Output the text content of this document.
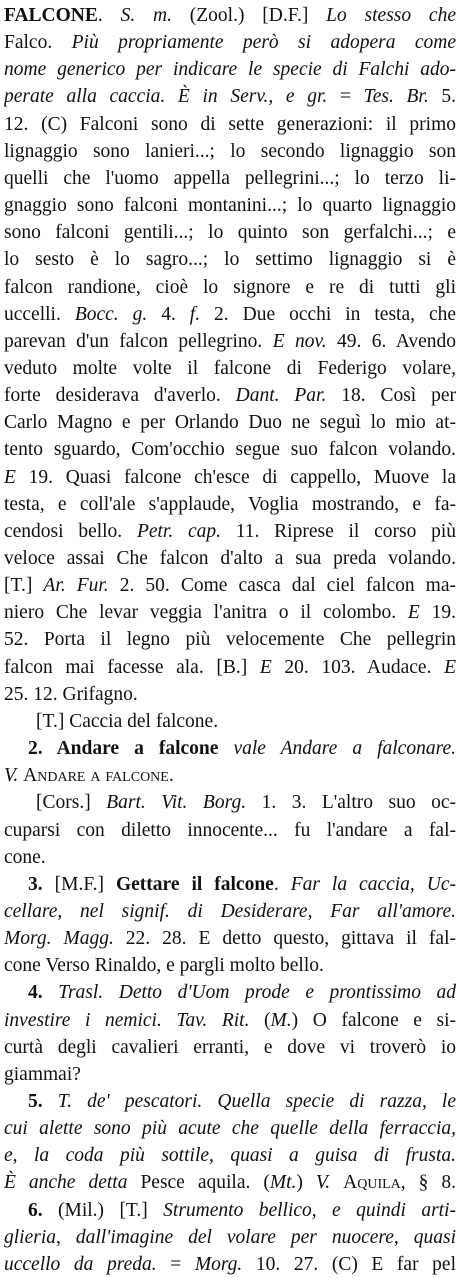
FALCONE. S. m. (Zool.) [D.F.] Lo stesso che
Falco. Più propriamente però si adopera come
nome generico per indicare le specie di Falchi ado-
perate alla caccia. È in Serv., e gr. = Tes. Br. 5.
12. (C) Falconi sono di sette generazioni: il primo
lignaggio sono lanieri...; lo secondo lignaggio son
quelli che l'uomo appella pellegrini...; lo terzo li-
gnaggio sono falconi montanini...; lo quarto lignaggio
sono falconi gentili...; lo quinto son gerfalchi...; e
lo sesto è lo sagro...; lo settimo lignaggio si è
falcon randione, cioè lo signore e re di tutti gli
uccelli. Bocc. g. 4. f. 2. Due occhi in testa, che
parevan d'un falcon pellegrino. E nov. 49. 6. Avendo
veduto molte volte il falcone di Federigo volare,
forte desiderava d'averlo. Dant. Par. 18. Così per
Carlo Magno e per Orlando Duo ne seguì lo mio at-
tento sguardo, Com'occhio segue suo falcon volando.
E 19. Quasi falcone ch'esce di cappello, Muove la
testa, e coll'ale s'applaude, Voglia mostrando, e fa-
cendosi bello. Petr. cap. 11. Riprese il corso più
veloce assai Che falcon d'alto a sua preda volando.
[T.] Ar. Fur. 2. 50. Come casca dal ciel falcon ma-
niero Che levar veggia l'anitra o il colombo. E 19.
52. Porta il legno più velocemente Che pellegrin
falcon mai facesse ala. [B.] E 20. 103. Audace. E
25. 12. Grifagno.
[T.] Caccia del falcone.
2. Andare a falcone vale Andare a falconare.
V. Andare a falcone.
[Cors.] Bart. Vit. Borg. 1. 3. L'altro suo oc-
cuparsi con diletto innocente... fu l'andare a fal-
cone.
3. [M.F.] Gettare il falcone. Far la caccia, Uc-
cellare, nel signif. di Desiderare, Far all'amore.
Morg. Magg. 22. 28. E detto questo, gittava il fal-
cone Verso Rinaldo, e pargli molto bello.
4. Trasl. Detto d'Uom prode e prontissimo ad
investire i nemici. Tav. Rit. (M.) O falcone e si-
curtà degli cavalieri erranti, e dove vi troverò io
giammai?
5. T. de' pescatori. Quella specie di razza, le
cui alette sono più acute che quelle della ferraccia,
e, la coda più sottile, quasi a guisa di frusta.
È anche detta Pesce aquila. (Mt.) V. Aquila, § 8.
6. (Mil.) [T.] Strumento bellico, e quindi arti-
glieria, dall'imagine del volare per nuocere, quasi
uccello da preda. = Morg. 10. 27. (C) E far pel
